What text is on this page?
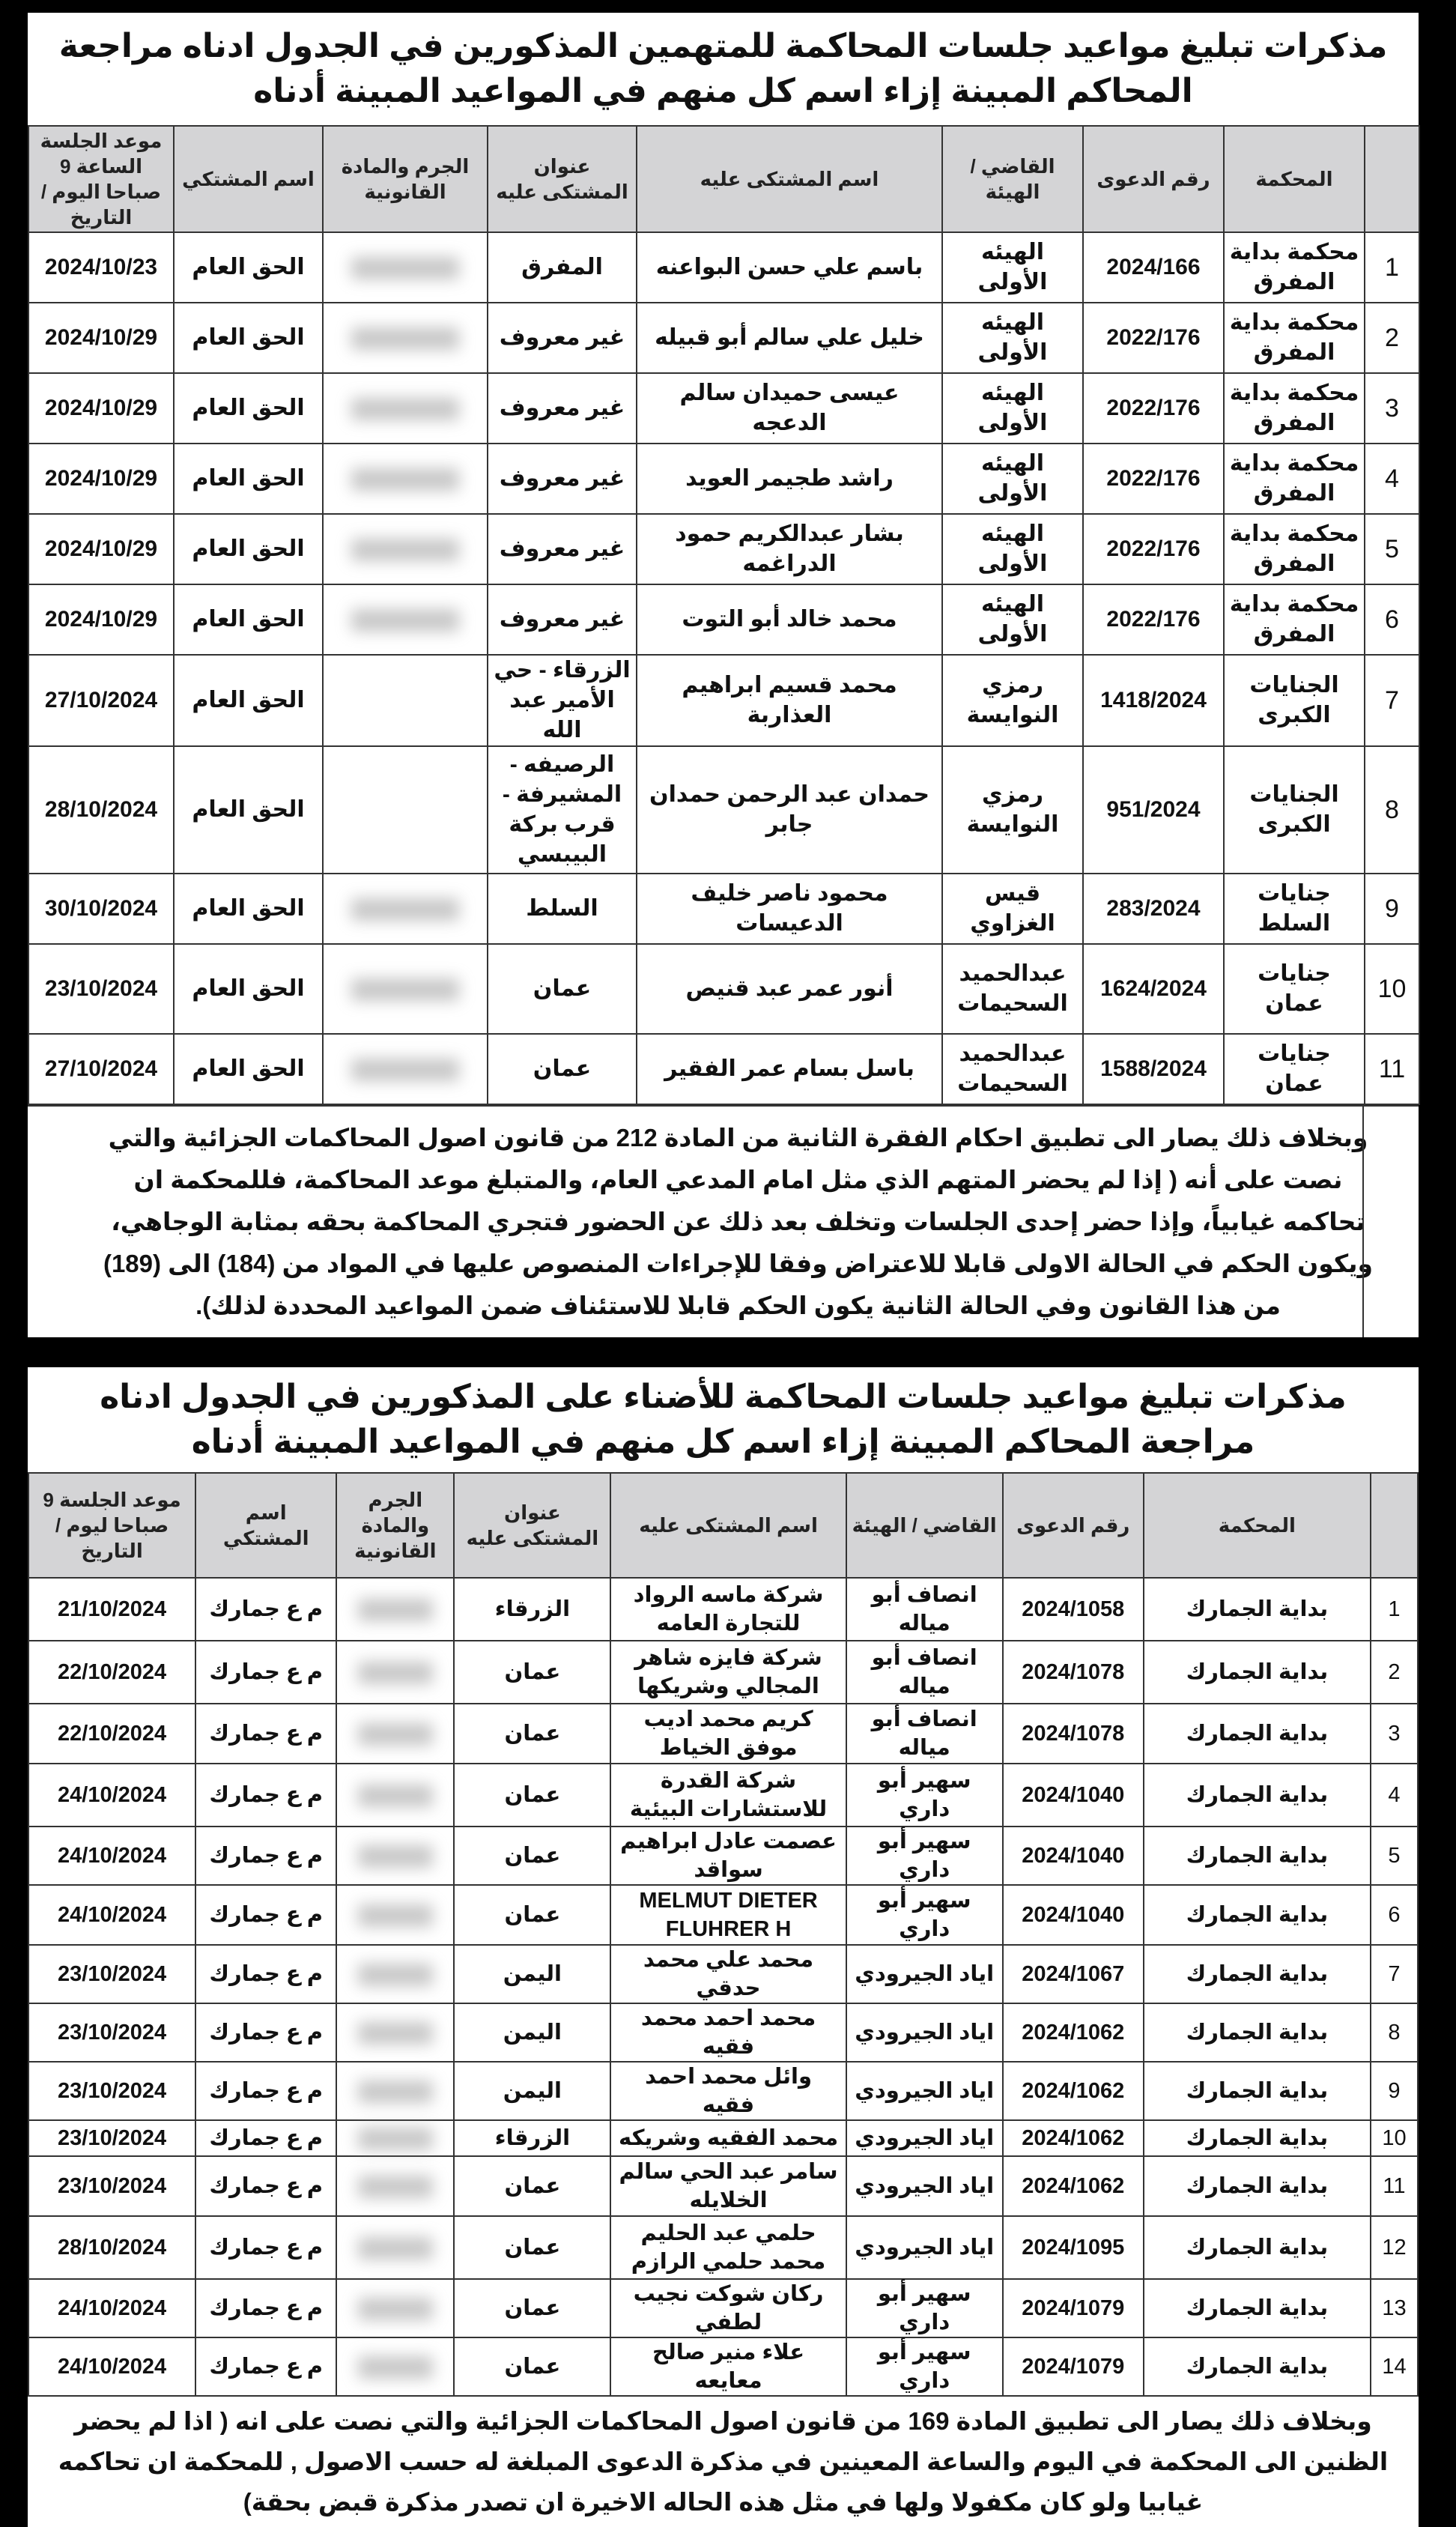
مذكرات تبليغ مواعيد جلسات المحاكمة للمتهمين المذكورين في الجدول ادناه مراجعة المحاكم المبينة إزاء اسم كل منهم في المواعيد المبينة أدناه
	المحكمة	رقم الدعوى	القاضي / الهيئة	اسم المشتكى عليه	عنوان المشتكى عليه	الجرم والمادة القانونية	اسم المشتكي	موعد الجلسة الساعة 9 صباحا اليوم / التاريخ
1	محكمة بداية المفرق	2024/166	الهيئه الأولى	باسم علي حسن البواعنه	المفرق		الحق العام	2024/10/23
2	محكمة بداية المفرق	2022/176	الهيئه الأولى	خليل علي سالم أبو قبيله	غير معروف		الحق العام	2024/10/29
3	محكمة بداية المفرق	2022/176	الهيئه الأولى	عيسى حميدان سالم الدعجه	غير معروف		الحق العام	2024/10/29
4	محكمة بداية المفرق	2022/176	الهيئه الأولى	راشد طجيمر العويد	غير معروف		الحق العام	2024/10/29
5	محكمة بداية المفرق	2022/176	الهيئه الأولى	بشار عبدالكريم حمود الدراغمه	غير معروف		الحق العام	2024/10/29
6	محكمة بداية المفرق	2022/176	الهيئه الأولى	محمد خالد أبو التوت	غير معروف		الحق العام	2024/10/29
7	الجنايات الكبرى	1418/2024	رمزي النوايسة	محمد قسيم ابراهيم العذاربة	الزرقاء - حي الأمير عبد الله		الحق العام	27/10/2024
8	الجنايات الكبرى	951/2024	رمزي النوايسة	حمدان عبد الرحمن حمدان جابر	الرصيفه - المشيرفة - قرب بركة البيبسي		الحق العام	28/10/2024
9	جنايات السلط	283/2024	قيس الغزاوي	محمود ناصر خليف الدعيسات	السلط		الحق العام	30/10/2024
10	جنايات عمان	1624/2024	عبدالحميد السحيمات	أنور عمر عبد قنيص	عمان		الحق العام	23/10/2024
11	جنايات عمان	1588/2024	عبدالحميد السحيمات	باسل بسام عمر الفقير	عمان		الحق العام	27/10/2024
وبخلاف ذلك يصار الى تطبيق احكام الفقرة الثانية من المادة 212 من قانون اصول المحاكمات الجزائية والتي نصت على أنه ( إذا لم يحضر المتهم الذي مثل امام المدعي العام، والمتبلغ موعد المحاكمة، فللمحكمة ان تحاكمه غيابياً، وإذا حضر إحدى الجلسات وتخلف بعد ذلك عن الحضور فتجري المحاكمة بحقه بمثابة الوجاهي، ويكون الحكم في الحالة الاولى قابلا للاعتراض وفقا للإجراءات المنصوص عليها في المواد من (184) الى (189) من هذا القانون وفي الحالة الثانية يكون الحكم قابلا للاستئناف ضمن المواعيد المحددة لذلك).
مذكرات تبليغ مواعيد جلسات المحاكمة للأضناء على المذكورين في الجدول ادناه مراجعة المحاكم المبينة إزاء اسم كل منهم في المواعيد المبينة أدناه
	المحكمة	رقم الدعوى	القاضي / الهيئة	اسم المشتكى عليه	عنوان المشتكى عليه	الجرم والمادة القانونية	اسم المشتكي	موعد الجلسة 9 صباحا ليوم / التاريخ
1	بداية الجمارك	2024/1058	انصاف أبو مياله	شركة ماسه الرواد للتجارة العامه	الزرقاء		م ع جمارك	21/10/2024
2	بداية الجمارك	2024/1078	انصاف أبو مياله	شركة فايزه شاهر المجالي وشريكها	عمان		م ع جمارك	22/10/2024
3	بداية الجمارك	2024/1078	انصاف أبو مياله	كريم محمد اديب موفق الخياط	عمان		م ع جمارك	22/10/2024
4	بداية الجمارك	2024/1040	سهير أبو داري	شركة القدرة للاستشارات البيئية	عمان		م ع جمارك	24/10/2024
5	بداية الجمارك	2024/1040	سهير أبو داري	عصمت عادل ابراهيم سواقد	عمان		م ع جمارك	24/10/2024
6	بداية الجمارك	2024/1040	سهير أبو داري	MELMUT DIETER FLUHRER H	عمان		م ع جمارك	24/10/2024
7	بداية الجمارك	2024/1067	اياد الجيرودي	محمد علي محمد حدقي	اليمن		م ع جمارك	23/10/2024
8	بداية الجمارك	2024/1062	اياد الجيرودي	محمد احمد محمد فقيه	اليمن		م ع جمارك	23/10/2024
9	بداية الجمارك	2024/1062	اياد الجيرودي	وائل محمد احمد فقيه	اليمن		م ع جمارك	23/10/2024
10	بداية الجمارك	2024/1062	اياد الجيرودي	محمد الفقيه وشريكه	الزرقاء		م ع جمارك	23/10/2024
11	بداية الجمارك	2024/1062	اياد الجيرودي	سامر عبد الحي سالم الخلايله	عمان		م ع جمارك	23/10/2024
12	بداية الجمارك	2024/1095	اياد الجيرودي	حلمي عبد الحليم محمد حلمي الرازم	عمان		م ع جمارك	28/10/2024
13	بداية الجمارك	2024/1079	سهير أبو داري	ركان شوكت نجيب لطفي	عمان		م ع جمارك	24/10/2024
14	بداية الجمارك	2024/1079	سهير أبو داري	علاء منير صالح معايعه	عمان		م ع جمارك	24/10/2024
وبخلاف ذلك يصار الى تطبيق المادة 169 من قانون اصول المحاكمات الجزائية والتي نصت على انه ( اذا لم يحضر الظنين الى المحكمة في اليوم والساعة المعينين في مذكرة الدعوى المبلغة له حسب الاصول , للمحكمة ان تحاكمه غيابيا ولو كان مكفولا ولها في مثل هذه الحاله الاخيرة ان تصدر مذكرة قبض بحقة)
